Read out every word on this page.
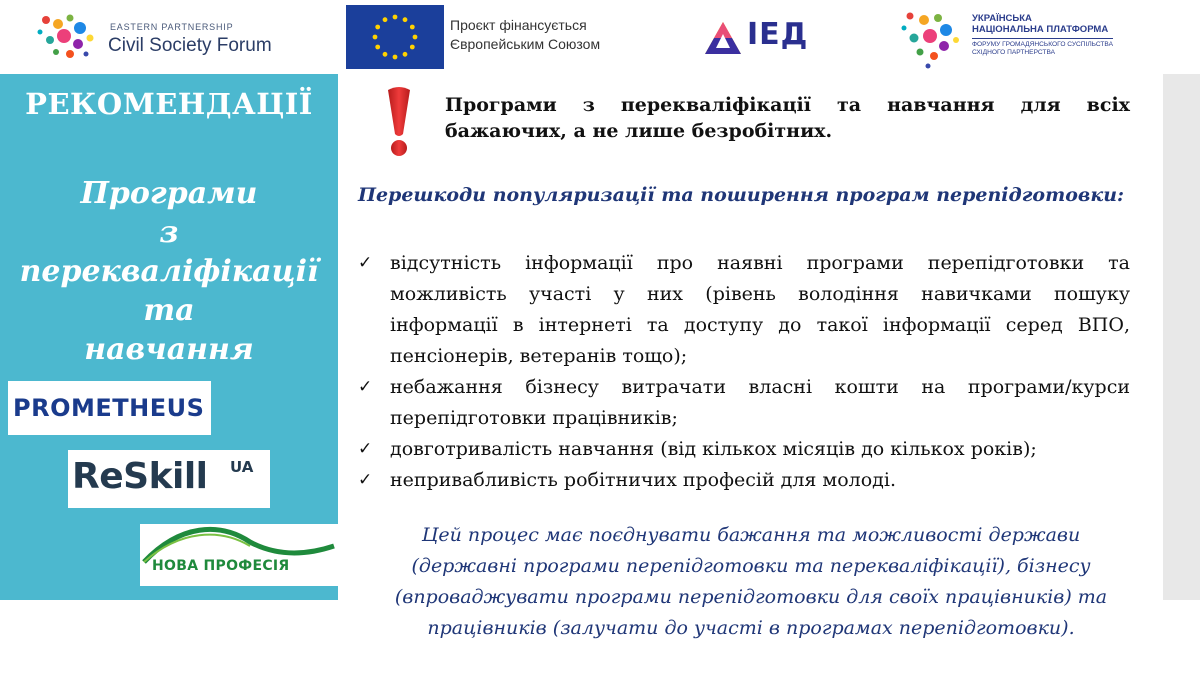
EASTERN PARTNERSHIP
Civil Society Forum
Проєкт фінансується
Європейським Союзом	IЕД	УКРАЇНСЬКА
НАЦІОНАЛЬНА ПЛАТФОРМА
ФОРУМУ ГРОМАДЯНСЬКОГО СУСПІЛЬСТВА
СХІДНОГО ПАРТНЕРСТВА
РЕКОМЕНДАЦІЇ
Програми
з
перекваліфікації
та
навчання
PROMETHEUS
ReSkill UA
НОВА ПРОФЕСІЯ
Програми з перекваліфікації та навчання для всіх бажаючих, а не лише безробітних.
Перешкоди популяризації та поширення програм перепідготовки:
✓ відсутність інформації про наявні програми перепідготовки та можливість участі у них (рівень володіння навичками пошуку інформації в інтернеті та доступу до такої інформації серед ВПО, пенсіонерів, ветеранів тощо);
✓ небажання бізнесу витрачати власні кошти на програми/курси перепідготовки працівників;
✓ довготривалість навчання (від кількох місяців до кількох років);
✓ непривабливість робітничих професій для молоді.
Цей процес має поєднувати бажання та можливості держави (державні програми перепідготовки та перекваліфікації), бізнесу (впроваджувати програми перепідготовки для своїх працівників) та працівників (залучати до участі в програмах перепідготовки).
